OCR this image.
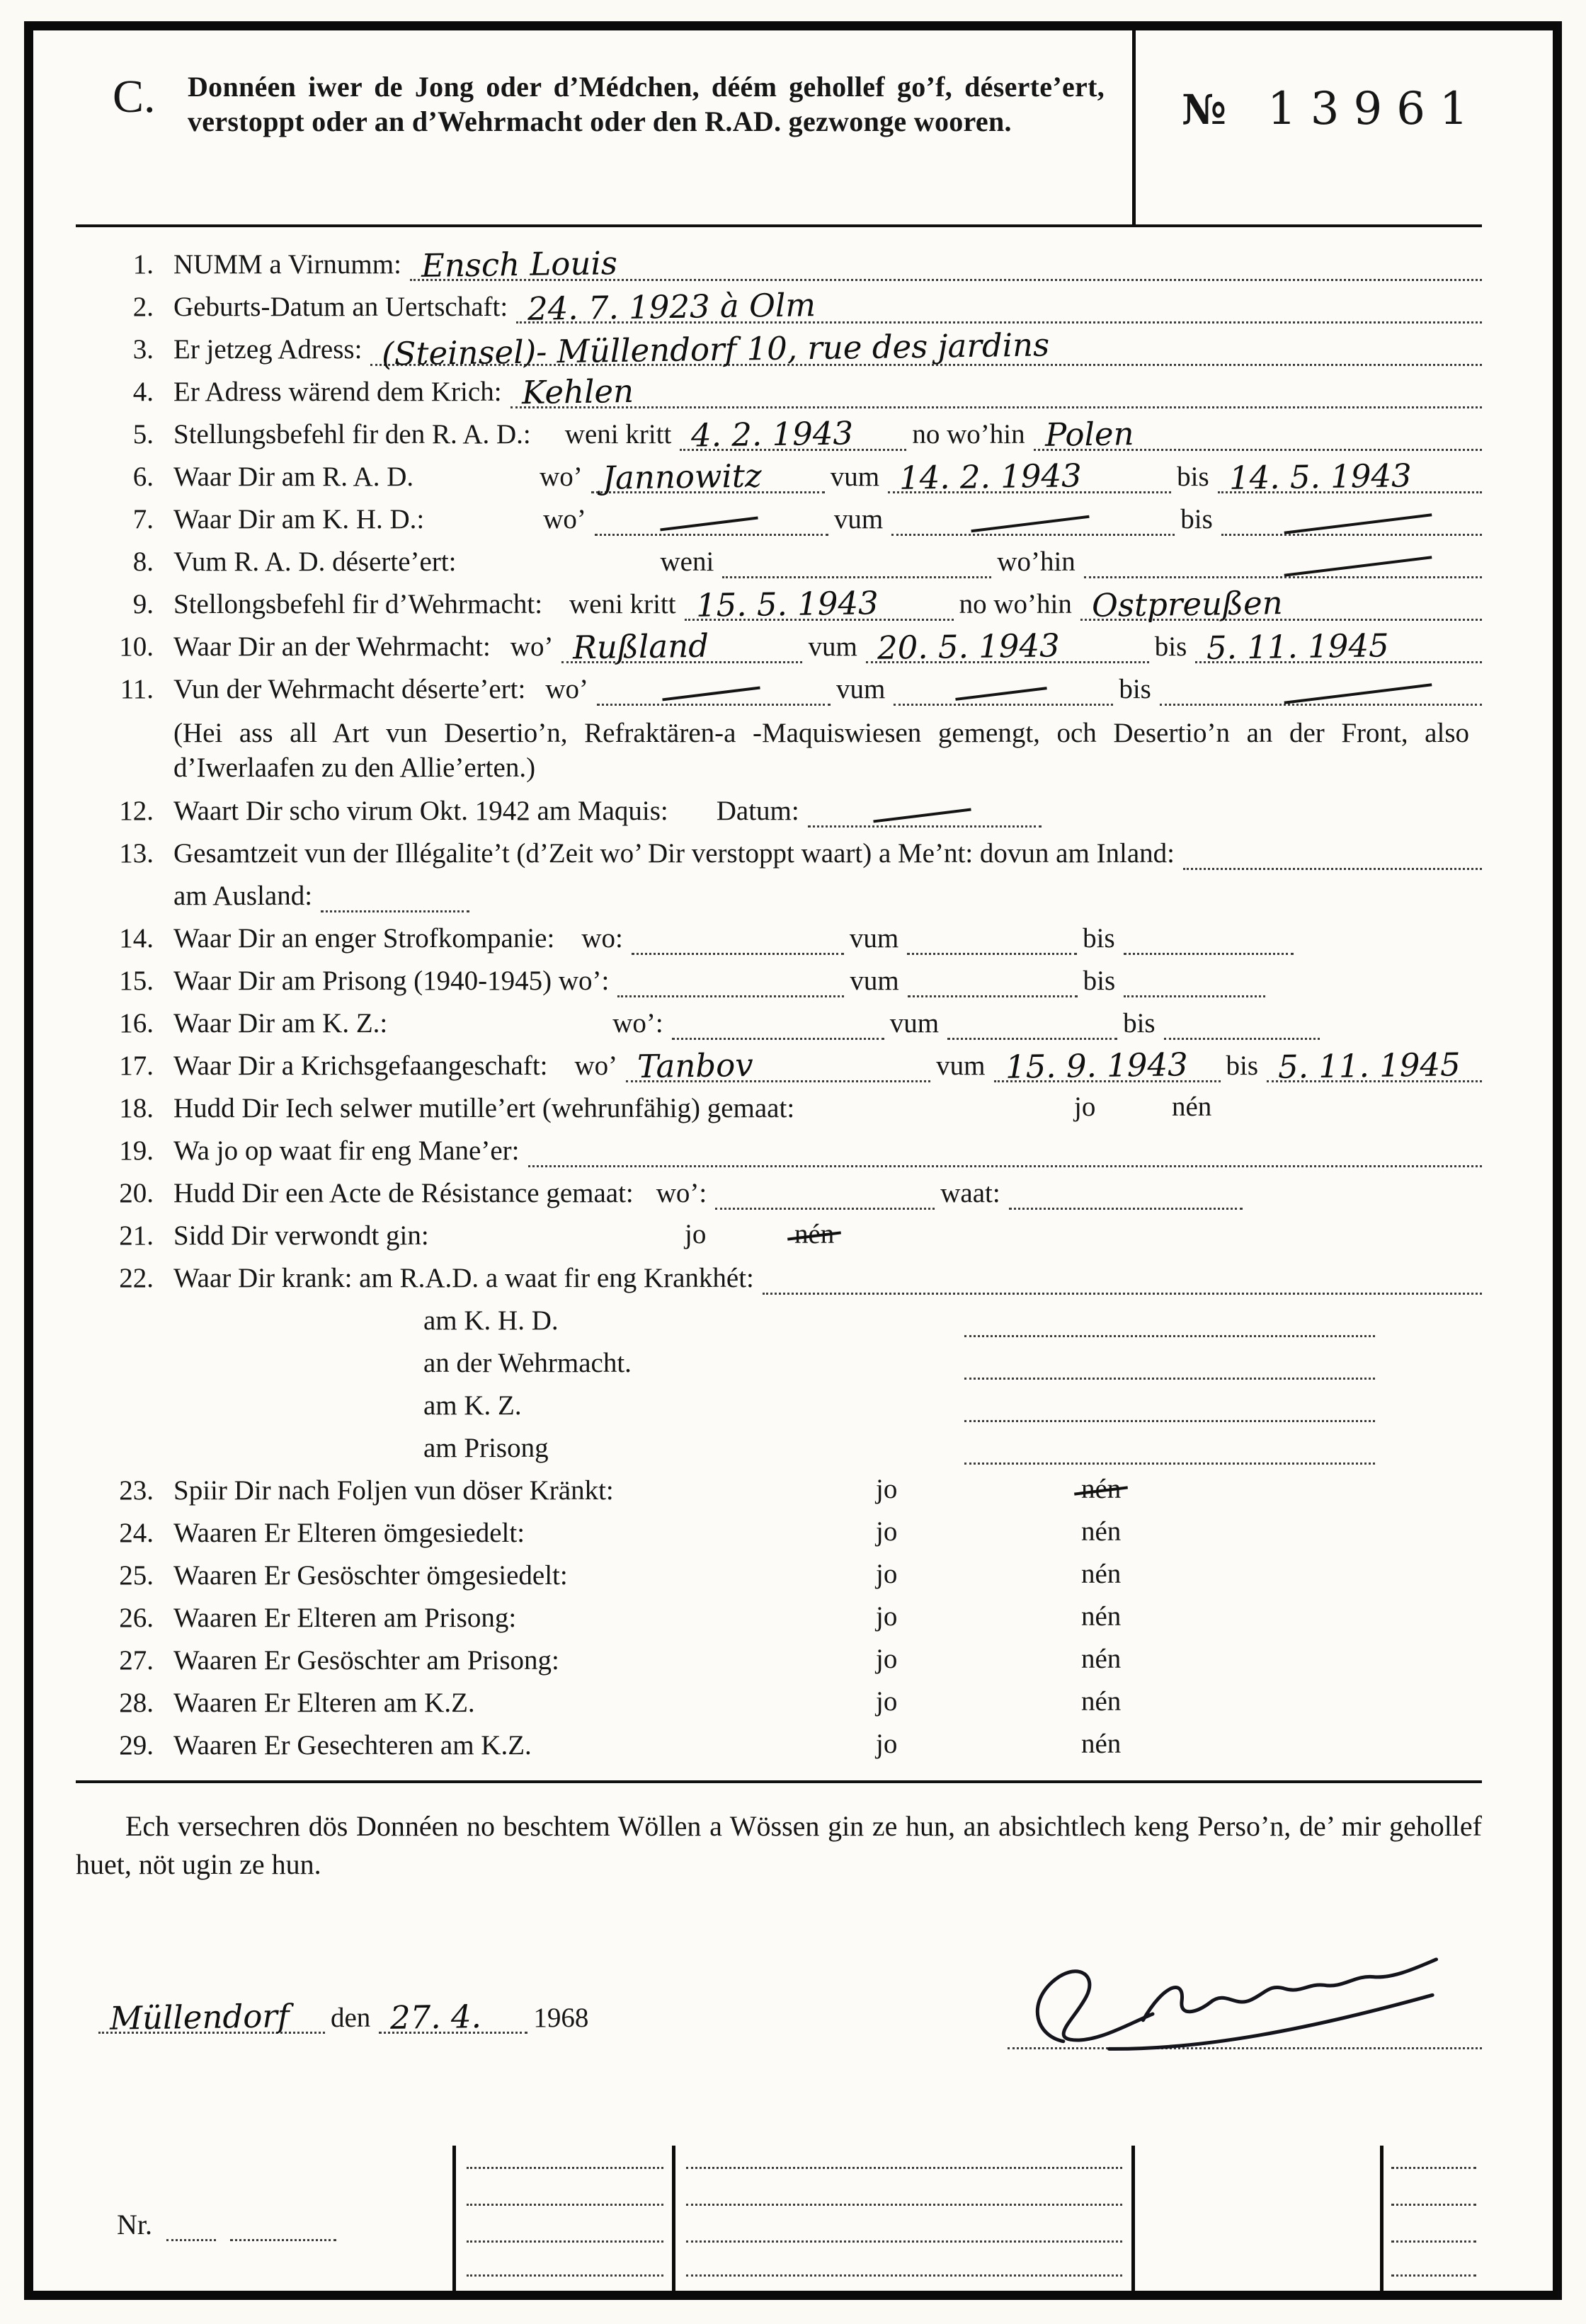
C. Donnéen iwer de Jong oder d’Médchen, déém gehollef go’f, déserte’ert, verstoppt oder an d’Wehrmacht oder den R.AD. gezwonge wooren.	№ 13961
1. NUMM a Virnumm: Ensch Louis
2. Geburts-Datum an Uertschaft: 24. 7. 1923 à Olm
3. Er jetzeg Adress: (Steinsel)- Müllendorf 10, rue des jardins
4. Er Adress wärend dem Krich: Kehlen
5. Stellungsbefehl fir den R. A. D.: weni kritt 4. 2. 1943 no wo’hin Polen
6. Waar Dir am R. A. D.	wo’ Jannowitz vum 14. 2. 1943	bis 14. 5. 1943
7. Waar Dir am K. H. D.:	wo’	vum	bis
8. Vum R. A. D. déserte’ert:	weni	wo’hin
9. Stellongsbefehl fir d’Wehrmacht: weni kritt 15. 5. 1943	no wo’hin Ostpreußen
10. Waar Dir an der Wehrmacht: wo’ Rußland	vum 20. 5. 1943	bis 5. 11. 1945
11. Vun der Wehrmacht déserte’ert: wo’	vum	bis
(Hei ass all Art vun Desertio’n, Refraktären-a -Maquiswiesen gemengt, och Desertio’n an der Front, also d’Iwerlaafen zu den Allie’erten.)
12. Waart Dir scho virum Okt. 1942 am Maquis: Datum:
13. Gesamtzeit vun der Illégalite’t (d’Zeit wo’ Dir verstoppt waart) a Me’nt: dovun am Inland:
am Ausland:
14. Waar Dir an enger Strofkompanie: wo:	vum	bis
15. Waar Dir am Prisong (1940-1945) wo’:	vum	bis
16. Waar Dir am K. Z.:	wo’:	vum	bis
17. Waar Dir a Krichsgefaangeschaft: wo’ Tanbov	vum 15. 9. 1943 bis 5. 11. 1945
18. Hudd Dir Iech selwer mutille’ert (wehrunfähig) gemaat:	jo	nén
19. Wa jo op waat fir eng Mane’er:
20. Hudd Dir een Acte de Résistance gemaat: wo’:	waat:
21. Sidd Dir verwondt gin:	jo	nén
22. Waar Dir krank: am R.A.D. a waat fir eng Krankhét:
am K. H. D.
an der Wehrmacht.
am K. Z.
am Prisong
23. Spiir Dir nach Foljen vun döser Kränkt:	jo	nén
24. Waaren Er Elteren ömgesiedelt:	jo	nén
25. Waaren Er Gesöschter ömgesiedelt:	jo	nén
26. Waaren Er Elteren am Prisong:	jo	nén
27. Waaren Er Gesöschter am Prisong:	jo	nén
28. Waaren Er Elteren am K.Z.	jo	nén
29. Waaren Er Gesechteren am K.Z.	jo	nén
Ech versechren dös Donnéen no beschtem Wöllen a Wössen gin ze hun, an absichtlech keng Perso’n, de’ mir gehollef huet, nöt ugin ze hun.
Müllendorf den 27. 4. 1968
Nr.
